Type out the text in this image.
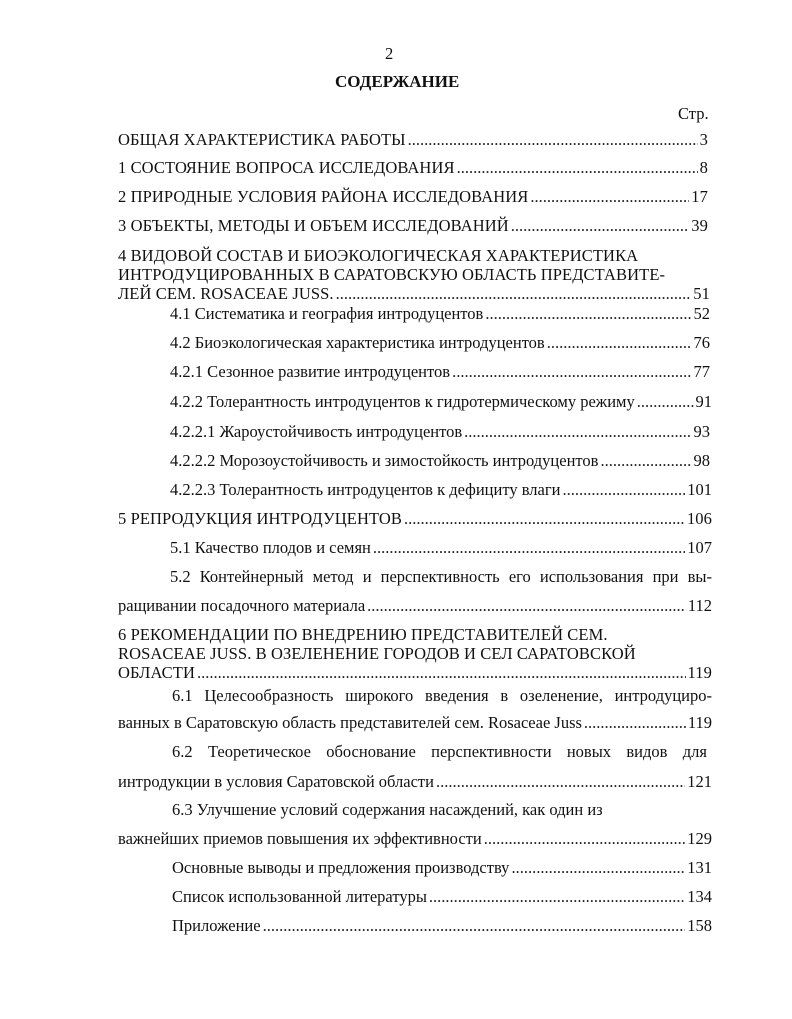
2
СОДЕРЖАНИЕ
Стр.
ОБЩАЯ ХАРАКТЕРИСТИКА РАБОТЫ .....	3
1 СОСТОЯНИЕ ВОПРОСА ИССЛЕДОВАНИЯ .....	8
2 ПРИРОДНЫЕ УСЛОВИЯ РАЙОНА ИССЛЕДОВАНИЯ .....	17
3 ОБЪЕКТЫ, МЕТОДЫ И ОБЪЕМ ИССЛЕДОВАНИЙ .....	39
4 ВИДОВОЙ СОСТАВ И БИОЭКОЛОГИЧЕСКАЯ ХАРАКТЕРИСТИКА
ИНТРОДУЦИРОВАННЫХ В САРАТОВСКУЮ ОБЛАСТЬ ПРЕДСТАВИТЕ-
ЛЕЙ СЕМ. ROSACEAE JUSS. .....	51
4.1 Систематика и география интродуцентов .....	52
4.2 Биоэкологическая характеристика интродуцентов .....	76
4.2.1 Сезонное развитие интродуцентов .....	77
4.2.2 Толерантность интродуцентов к гидротермическому режиму .....	91
4.2.2.1 Жароустойчивость интродуцентов .....	93
4.2.2.2 Морозоустойчивость и зимостойкость интродуцентов .....	98
4.2.2.3 Толерантность интродуцентов к дефициту влаги .....	101
5 РЕПРОДУКЦИЯ ИНТРОДУЦЕНТОВ .....	106
5.1 Качество плодов и семян .....	107
5.2 Контейнерный метод и перспективность его использования при вы-
ращивании посадочного материала .....	112
6 РЕКОМЕНДАЦИИ ПО ВНЕДРЕНИЮ ПРЕДСТАВИТЕЛЕЙ СЕМ.
ROSACEAE JUSS. В ОЗЕЛЕНЕНИЕ ГОРОДОВ И СЕЛ САРАТОВСКОЙ
ОБЛАСТИ .....	119
6.1 Целесообразность широкого введения в озеленение, интродуциро-
ванных в Саратовскую область представителей сем. Rosaceae Juss .....	119
6.2 Теоретическое обоснование перспективности новых видов для
интродукции в условия Саратовской области .....	121
6.3 Улучшение условий содержания насаждений, как один из
важнейших приемов повышения их эффективности .....	129
Основные выводы и предложения производству .....	131
Список использованной литературы .....	134
Приложение .....	158
